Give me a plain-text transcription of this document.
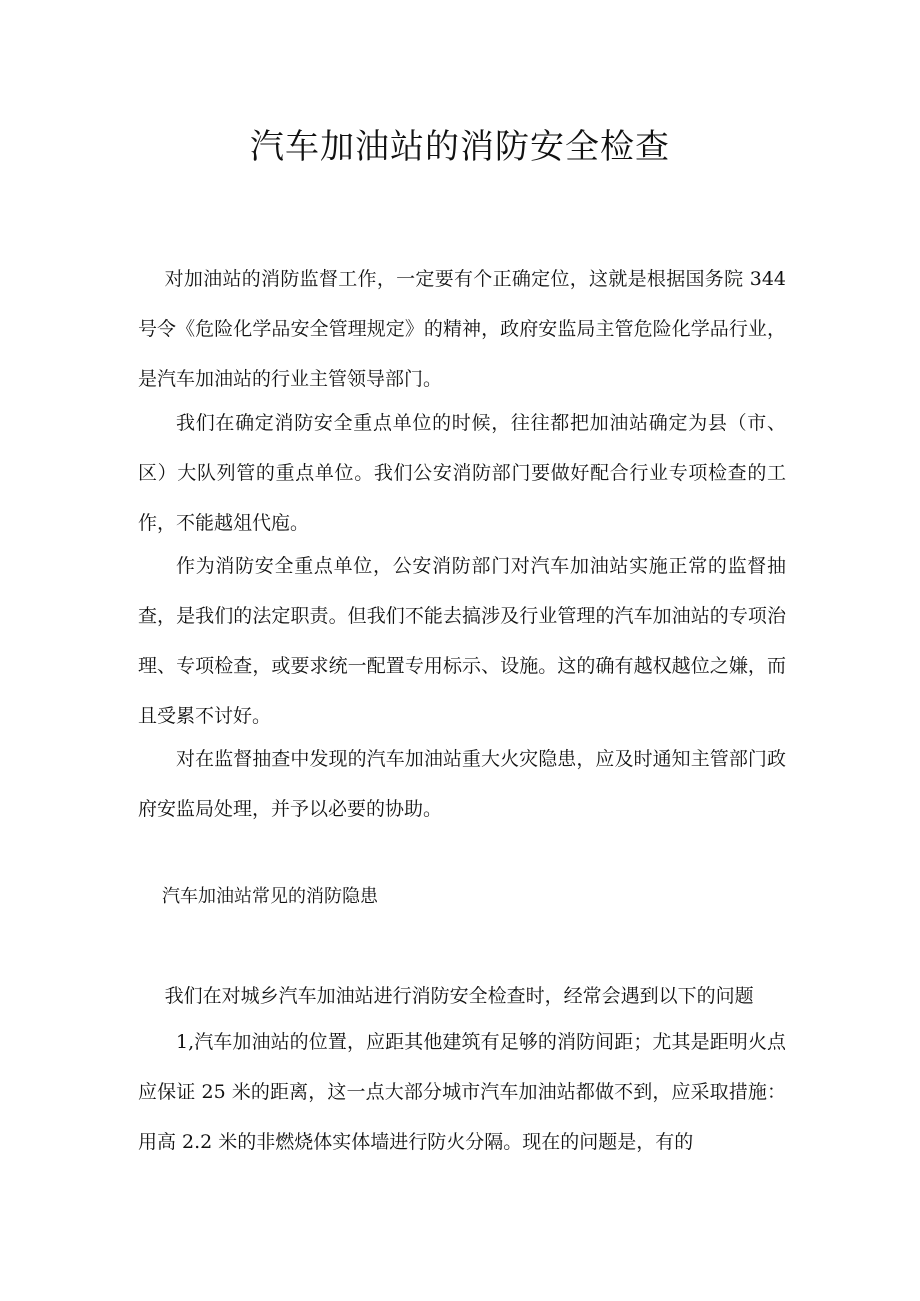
汽车加油站的消防安全检查

对加油站的消防监督工作，一定要有个正确定位，这就是根据国务院 344 号令《危险化学品安全管理规定》的精神，政府安监局主管危险化学品行业，是汽车加油站的行业主管领导部门。

我们在确定消防安全重点单位的时候，往往都把加油站确定为县（市、区）大队列管的重点单位。我们公安消防部门要做好配合行业专项检查的工作，不能越俎代庖。

作为消防安全重点单位，公安消防部门对汽车加油站实施正常的监督抽查，是我们的法定职责。但我们不能去搞涉及行业管理的汽车加油站的专项治理、专项检查，或要求统一配置专用标示、设施。这的确有越权越位之嫌，而且受累不讨好。

对在监督抽查中发现的汽车加油站重大火灾隐患，应及时通知主管部门政府安监局处理，并予以必要的协助。

汽车加油站常见的消防隐患

我们在对城乡汽车加油站进行消防安全检查时，经常会遇到以下的问题

1,汽车加油站的位置，应距其他建筑有足够的消防间距；尤其是距明火点应保证 25 米的距离，这一点大部分城市汽车加油站都做不到，应采取措施：用高 2.2 米的非燃烧体实体墙进行防火分隔。现在的问题是，有的
